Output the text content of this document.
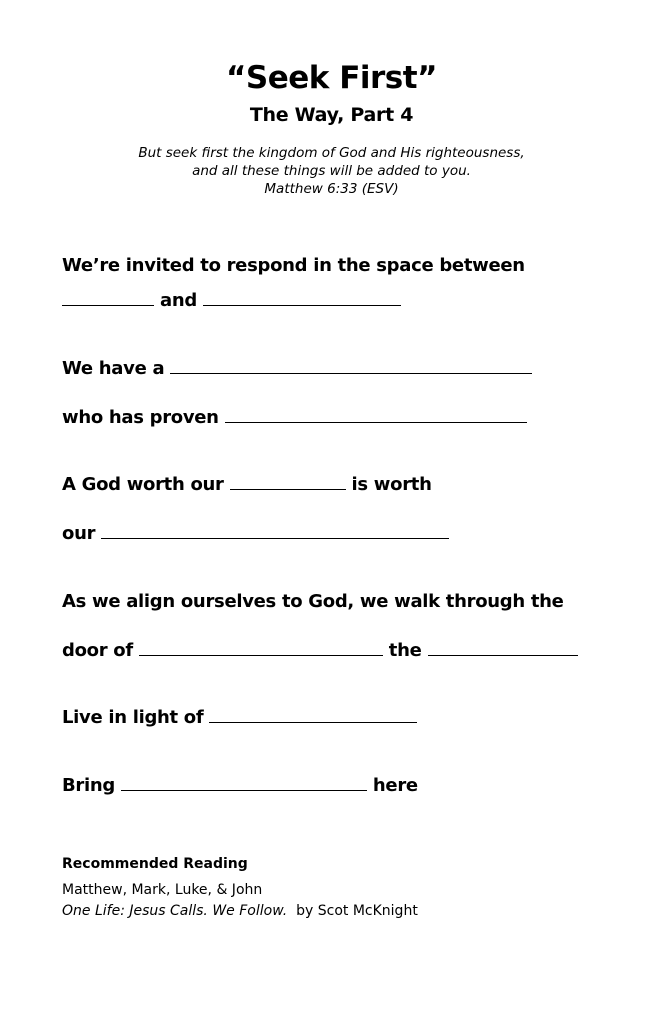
“Seek First”
The Way, Part 4
But seek first the kingdom of God and His righteousness,
and all these things will be added to you.
Matthew 6:33 (ESV)
We’re invited to respond in the space between
and
We have a
who has proven
A God worth our	is worth
our
As we align ourselves to God, we walk through the
door of	the
Live in light of
Bring	here
Recommended Reading
Matthew, Mark, Luke, & John
One Life: Jesus Calls. We Follow. by Scot McKnight
